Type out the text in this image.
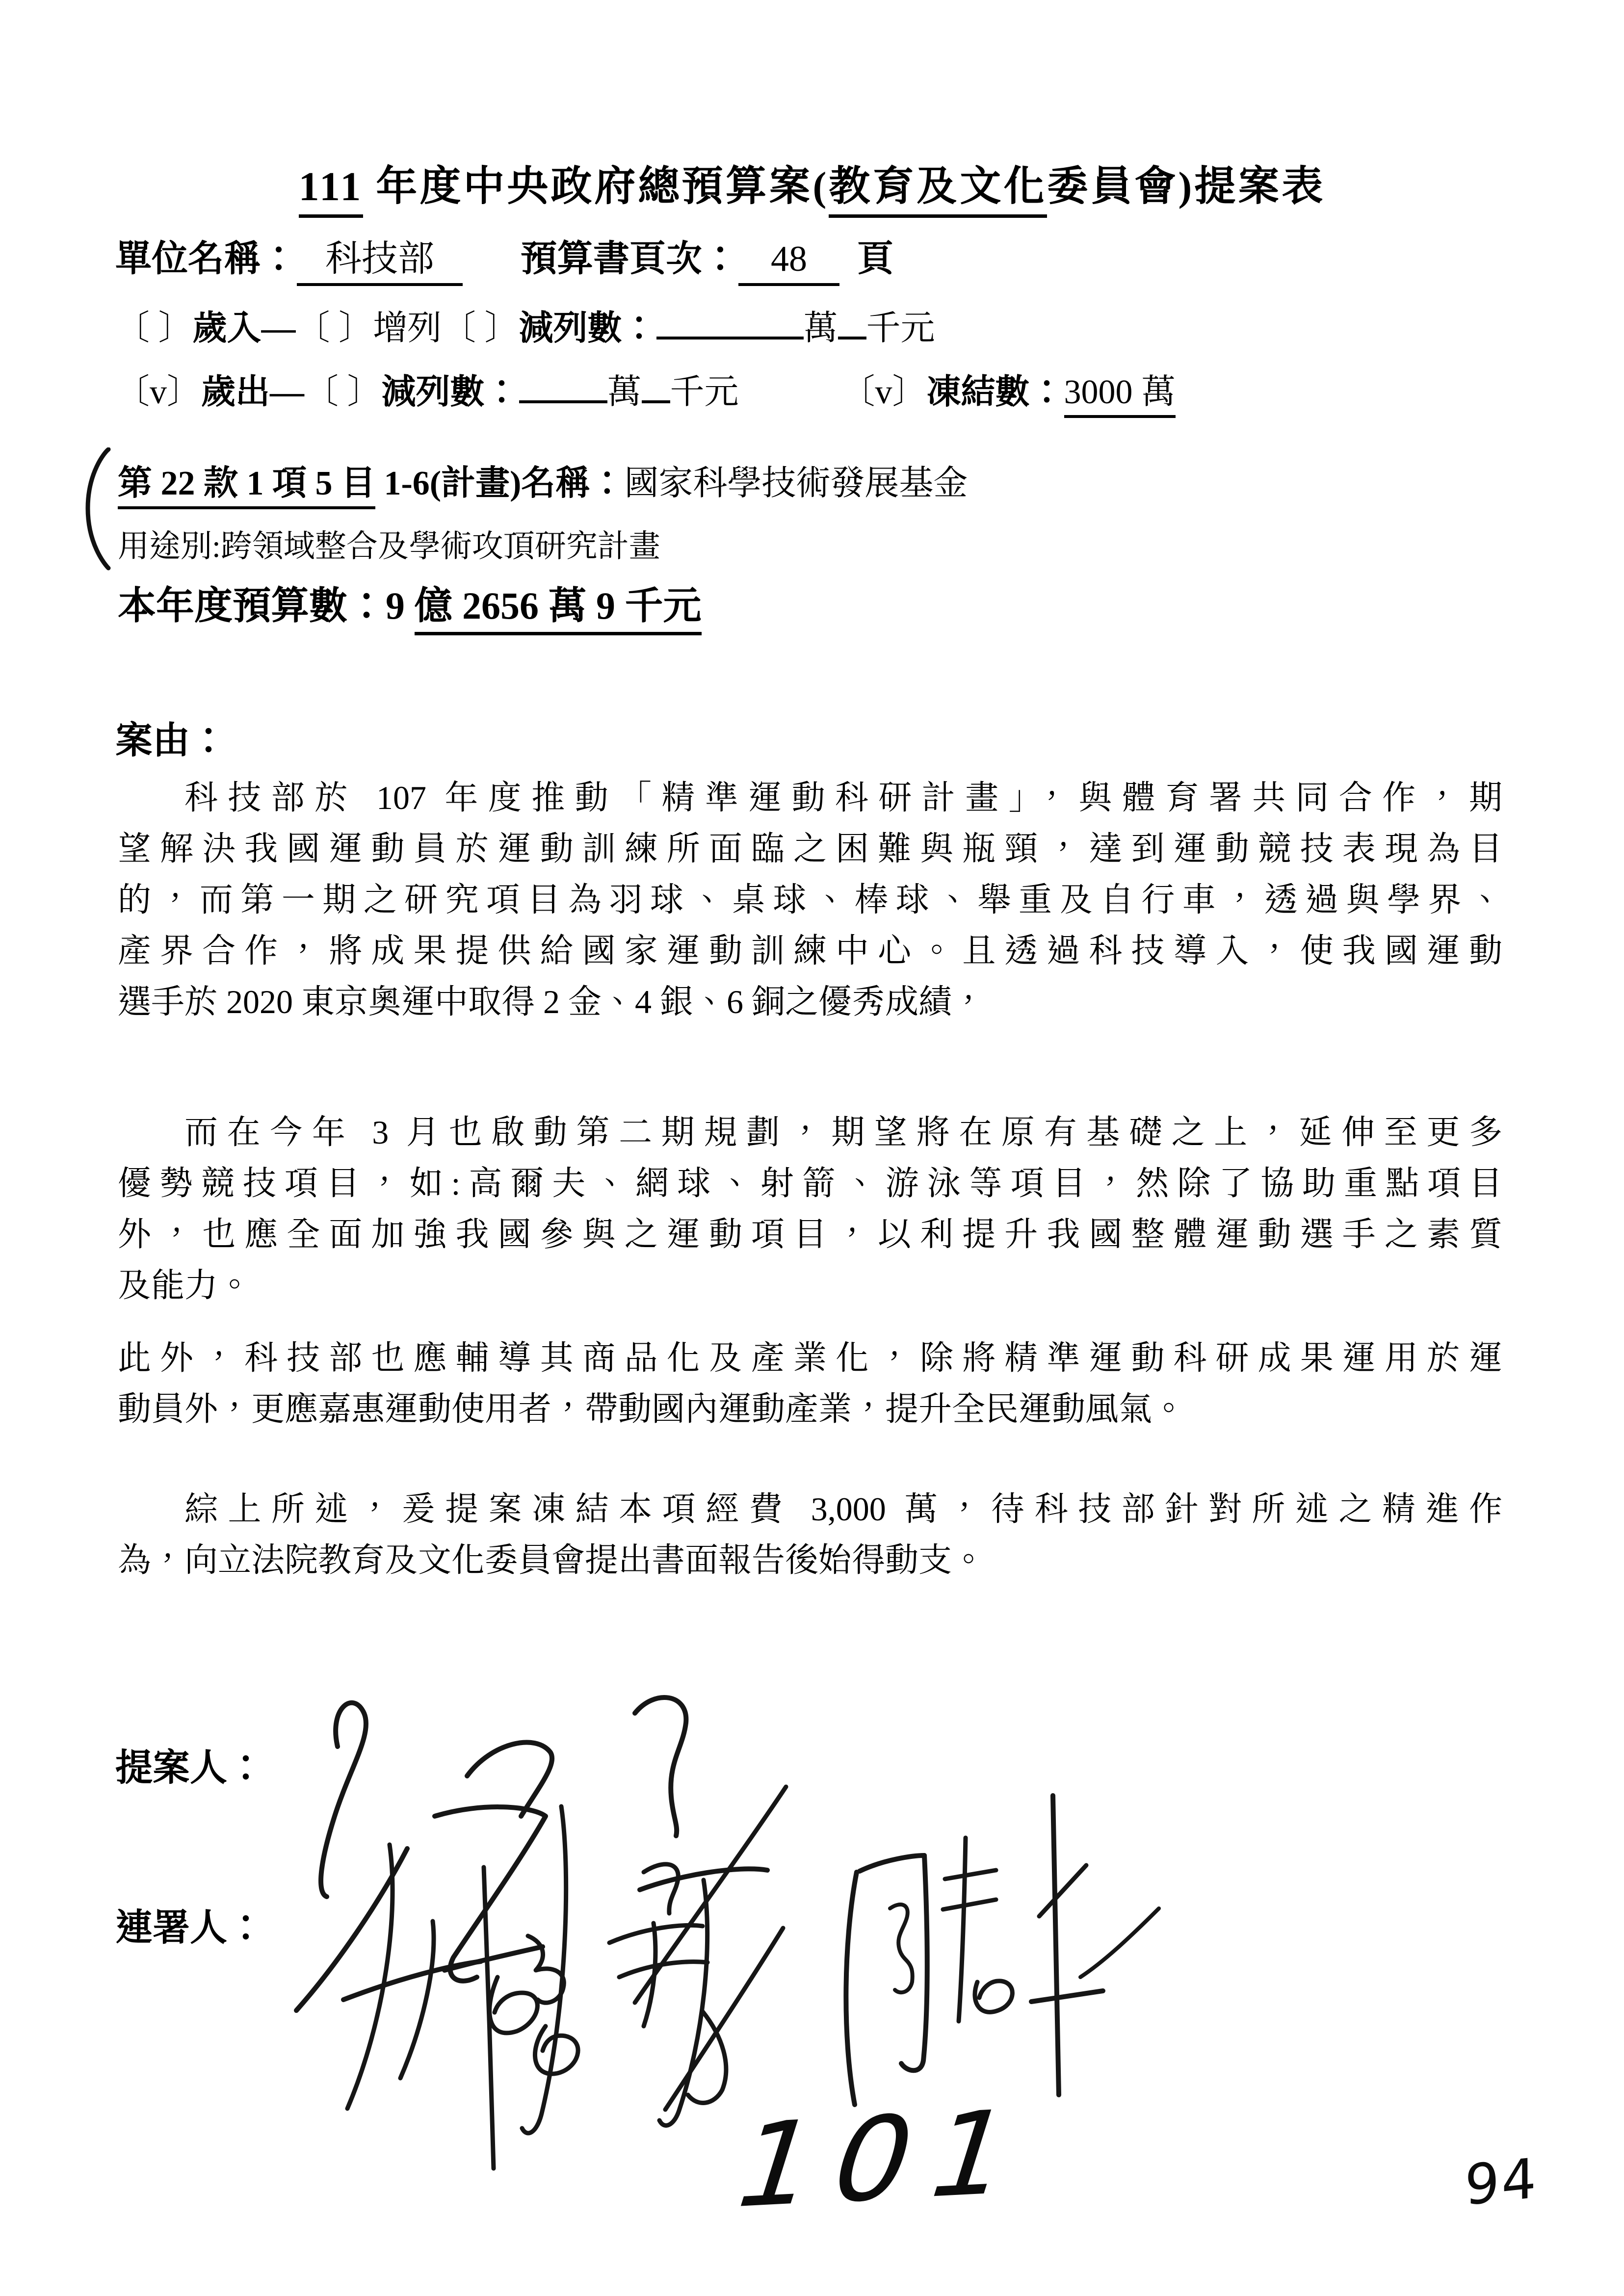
111 年度中央政府總預算案(教育及文化委員會)提案表
單位名稱： 科技部 預算書頁次： 48 頁
〔 〕歲入—〔 〕增列〔 〕減列數：	萬 千元
〔v〕歲出—〔 〕減列數：	萬 千元	〔v〕凍結數：3000 萬
第 22 款 1 項 5 目 1-6(計畫)名稱：國家科學技術發展基金
用途別:跨領域整合及學術攻頂研究計畫
本年度預算數：9 億 2656 萬 9 千元
案由：
科技部於 107 年度推動「精準運動科研計畫」，與體育署共同合作，期
望解決我國運動員於運動訓練所面臨之困難與瓶頸，達到運動競技表現為目
的，而第一期之研究項目為羽球、桌球、棒球、舉重及自行車，透過與學界、
產界合作，將成果提供給國家運動訓練中心。且透過科技導入，使我國運動
選手於 2020 東京奧運中取得 2 金、4 銀、6 銅之優秀成績，
而在今年 3 月也啟動第二期規劃，期望將在原有基礎之上，延伸至更多
優勢競技項目，如:高爾夫、網球、射箭、游泳等項目，然除了協助重點項目
外，也應全面加強我國參與之運動項目，以利提升我國整體運動選手之素質
及能力。
此外，科技部也應輔導其商品化及產業化，除將精準運動科研成果運用於運
動員外，更應嘉惠運動使用者，帶動國內運動產業，提升全民運動風氣。
綜上所述，爰提案凍結本項經費 3,000 萬，待科技部針對所述之精進作
為，向立法院教育及文化委員會提出書面報告後始得動支。
提案人：
連署人：
101	94
